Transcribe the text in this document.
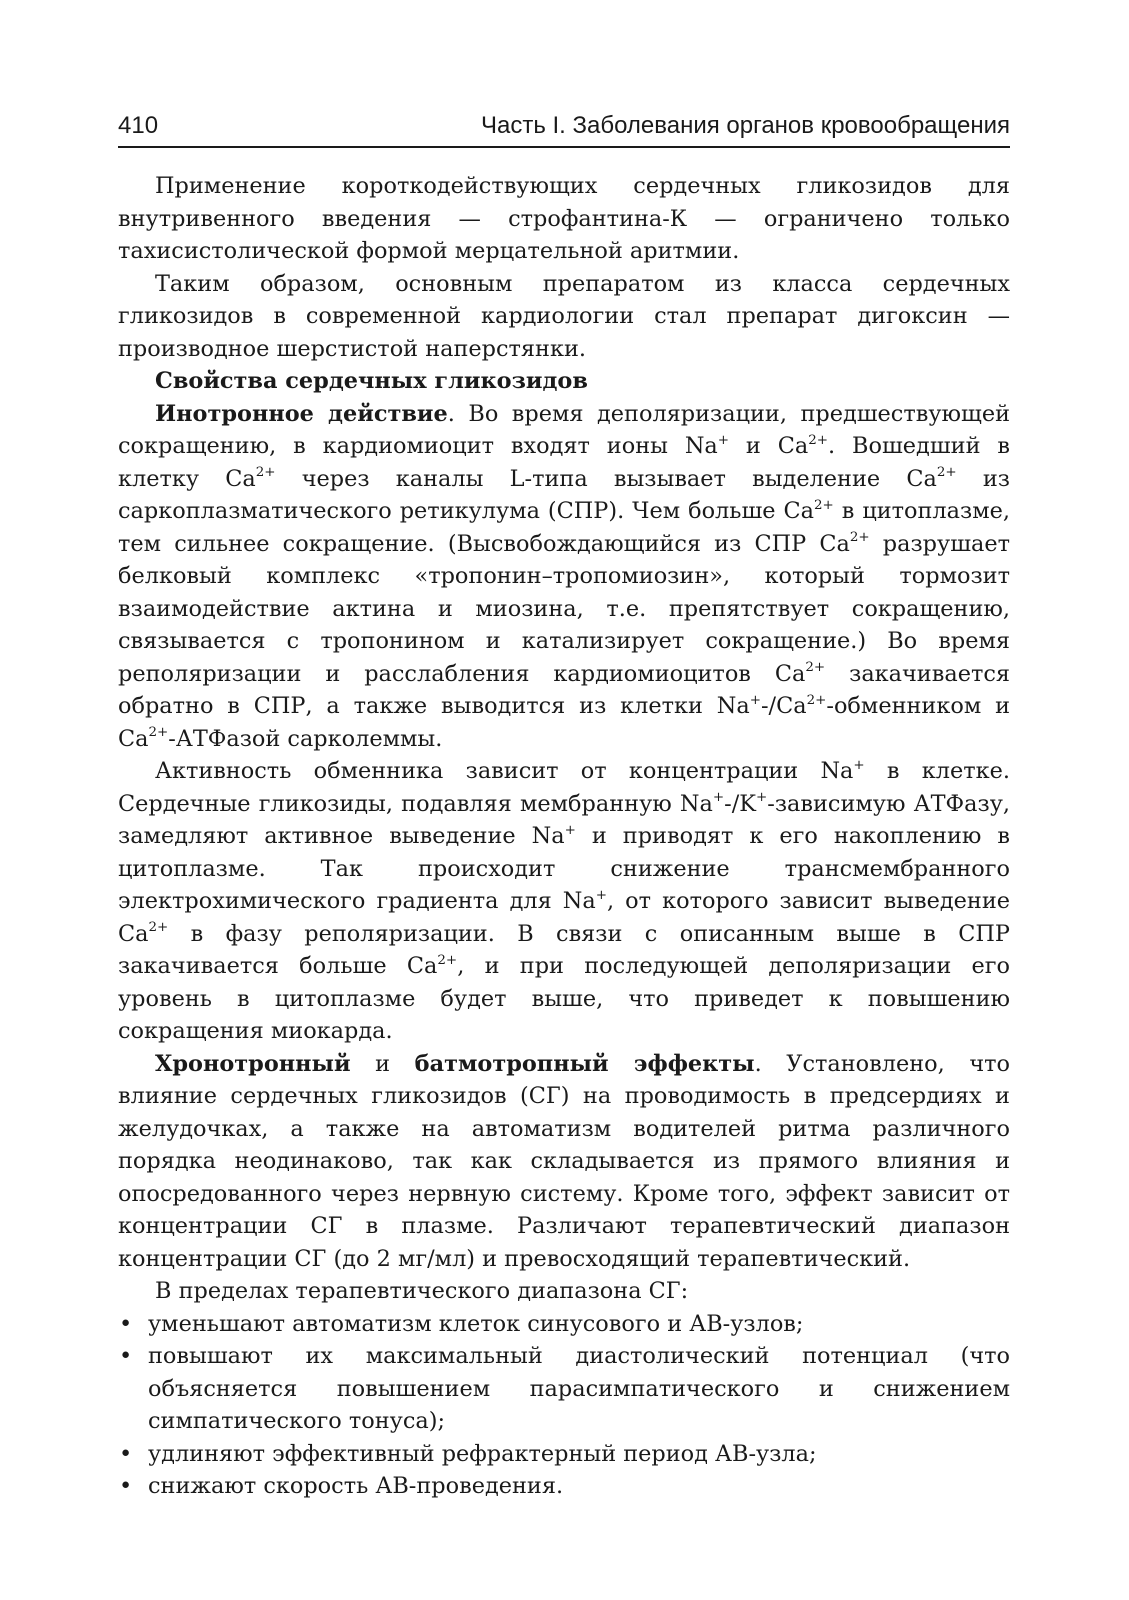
410	Часть I. Заболевания органов кровообращения

Применение короткодействующих сердечных гликозидов для внутривенного введения — строфантина-К — ограничено только тахисистолической формой мерцательной аритмии.

Таким образом, основным препаратом из класса сердечных гликозидов в современной кардиологии стал препарат дигоксин — производное шерстистой наперстянки.

Свойства сердечных гликозидов

Инотронное действие. Во время деполяризации, предшествующей сокращению, в кардиомиоцит входят ионы Na+ и $Ca^{2+}$. Вошедший в клетку $Ca^{2+}$ через каналы L-типа вызывает выделение $Ca^{2+}$ из саркоплазматического ретикулума (СПР). Чем больше $Ca^{2+}$ в цитоплазме, тем сильнее сокращение. (Высвобождающийся из СПР $Ca^{2+}$ разрушает белковый комплекс «тропонин–тропомиозин», который тормозит взаимодействие актина и миозина, т.е. препятствует сокращению, связывается с тропонином и катализирует сокращение.) Во время реполяризации и расслабления кардиомиоцитов $Ca^{2+}$ закачивается обратно в СПР, а также выводится из клетки $Na^+-/Ca^{2+}$-обменником и $Ca^{2+}$-АТФазой сарколеммы.

Активность обменника зависит от концентрации Na+ в клетке. Сердечные гликозиды, подавляя мембранную Na+-/K+-зависимую АТФазу, замедляют активное выведение Na+ и приводят к его накоплению в цитоплазме. Так происходит снижение трансмембранного электрохимического градиента для Na+, от которого зависит выведение $Ca^{2+}$ в фазу реполяризации. В связи с описанным выше в СПР закачивается больше $Ca^{2+}$, и при последующей деполяризации его уровень в цитоплазме будет выше, что приведет к повышению сокращения миокарда.

Хронотронный и батмотропный эффекты. Установлено, что влияние сердечных гликозидов (СГ) на проводимость в предсердиях и желудочках, а также на автоматизм водителей ритма различного порядка неодинаково, так как складывается из прямого влияния и опосредованного через нервную систему. Кроме того, эффект зависит от концентрации СГ в плазме. Различают терапевтический диапазон концентрации СГ (до 2 мг/мл) и превосходящий терапевтический.

В пределах терапевтического диапазона СГ:

• уменьшают автоматизм клеток синусового и АВ-узлов;
• повышают их максимальный диастолический потенциал (что объясняется повышением парасимпатического и снижением симпатического тонуса);
• удлиняют эффективный рефрактерный период АВ-узла;
• снижают скорость АВ-проведения.
